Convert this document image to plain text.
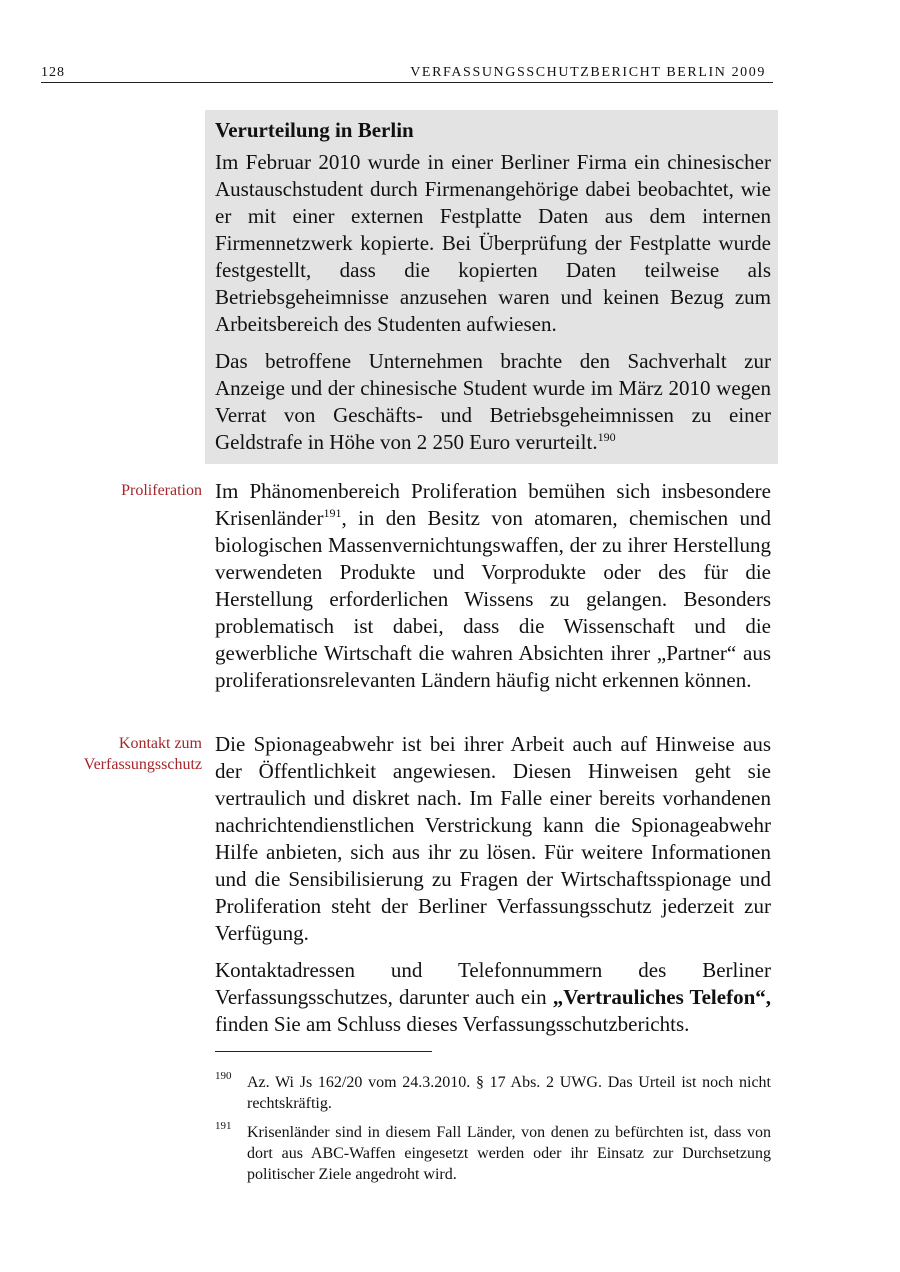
128	VERFASSUNGSSCHUTZBERICHT BERLIN 2009
Verurteilung in Berlin

Im Februar 2010 wurde in einer Berliner Firma ein chinesischer Austauschstudent durch Firmenangehörige dabei beobachtet, wie er mit einer externen Festplatte Daten aus dem internen Firmennetzwerk kopierte. Bei Überprüfung der Festplatte wurde festgestellt, dass die kopierten Daten teilweise als Betriebsgeheimnisse anzusehen waren und keinen Bezug zum Arbeitsbereich des Studenten aufwiesen.

Das betroffene Unternehmen brachte den Sachverhalt zur Anzeige und der chinesische Student wurde im März 2010 wegen Verrat von Geschäfts- und Betriebsgeheimnissen zu einer Geldstrafe in Höhe von 2 250 Euro verurteilt.$^{190}$

Proliferation Im Phänomenbereich Proliferation bemühen sich insbesondere Krisenländer$^{191}$, in den Besitz von atomaren, chemischen und biologischen Massenvernichtungswaffen, der zu ihrer Herstellung verwendeten Produkte und Vorprodukte oder des für die Herstellung erforderlichen Wissens zu gelangen. Besonders problematisch ist dabei, dass die Wissenschaft und die gewerbliche Wirtschaft die wahren Absichten ihrer „Partner“ aus proliferationsrelevanten Ländern häufig nicht erkennen können.

Kontakt zum
Verfassungsschutz

Die Spionageabwehr ist bei ihrer Arbeit auch auf Hinweise aus der Öffentlichkeit angewiesen. Diesen Hinweisen geht sie vertraulich und diskret nach. Im Falle einer bereits vorhandenen nachrichtendienstlichen Verstrickung kann die Spionageabwehr Hilfe anbieten, sich aus ihr zu lösen. Für weitere Informationen und die Sensibilisierung zu Fragen der Wirtschaftsspionage und Proliferation steht der Berliner Verfassungsschutz jederzeit zur Verfügung.

Kontaktadressen und Telefonnummern des Berliner Verfassungsschutzes, darunter auch ein „Vertrauliches Telefon“, finden Sie am Schluss dieses Verfassungsschutzberichts.

190 Az. Wi Js 162/20 vom 24.3.2010. § 17 Abs. 2 UWG. Das Urteil ist noch nicht rechtskräftig.
191 Krisenländer sind in diesem Fall Länder, von denen zu befürchten ist, dass von dort aus ABC-Waffen eingesetzt werden oder ihr Einsatz zur Durchsetzung politischer Ziele angedroht wird.
